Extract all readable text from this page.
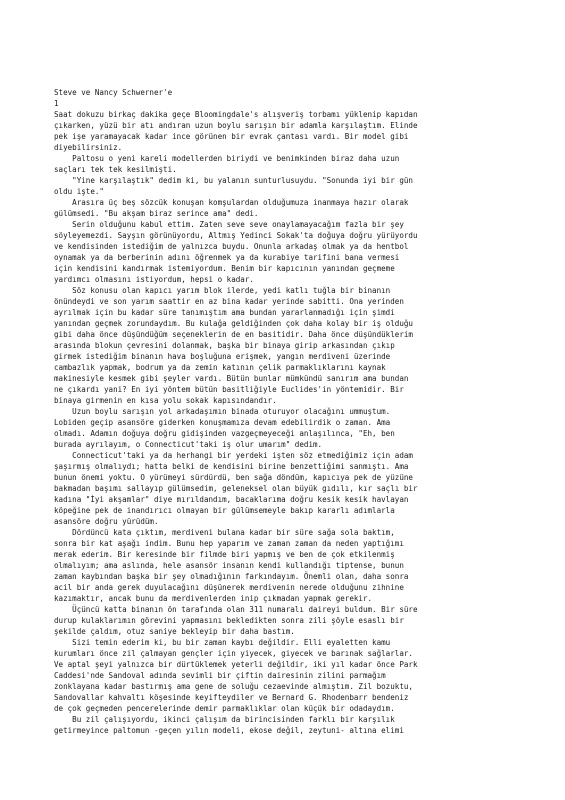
Steve ve Nancy Schwerner'e
1
Saat dokuzu birkaç dakika geçe Bloomingdale's alışveriş torbamı yüklenip kapıdan
çıkarken, yüzü bir atı andıran uzun boylu sarışın bir adamla karşılaştım. Elinde
pek işe yaramayacak kadar ince görünen bir evrak çantası vardı. Bir model gibi
diyebilirsiniz.
Paltosu o yeni kareli modellerden biriydi ve benimkinden biraz daha uzun
saçları tek tek kesilmişti.
"Yine karşılaştık" dedim ki, bu yalanın sunturlusuydu. "Sonunda iyi bir gün
oldu işte."
Arasıra üç beş sözcük konuşan komşulardan olduğumuza inanmaya hazır olarak
gülümsedi. "Bu akşam biraz serince ama" dedi.
Serin olduğunu kabul ettim. Zaten seve seve onaylamayacağım fazla bir şey
söyleyemezdi. Sayşın görünüyordu, Altmış Yedinci Sokak'ta doğuya doğru yürüyordu
ve kendisinden istediğim de yalnızca buydu. Onunla arkadaş olmak ya da hentbol
oynamak ya da berberinin adını öğrenmek ya da kurabiye tarifini bana vermesi
için kendisini kandırmak istemiyordum. Benim bir kapıcının yanından geçmeme
yardımcı olmasını istiyordum, hepsi o kadar.
Söz konusu olan kapıcı yarım blok ilerde, yedi katlı tuğla bir binanın
önündeydi ve son yarım saattir en az bina kadar yerinde sabitti. Ona yerinden
ayrılmak için bu kadar süre tanımıştım ama bundan yararlanmadığı için şimdi
yanından geçmek zorundaydım. Bu kulağa geldiğinden çok daha kolay bir iş olduğu
gibi daha önce düşündüğüm seçeneklerin de en basitidir. Daha önce düşündüklerim
arasında blokun çevresini dolanmak, başka bir binaya girip arkasından çıkıp
girmek istediğim binanın hava boşluğuna erişmek, yangın merdiveni üzerinde
cambazlık yapmak, bodrum ya da zemin katının çelik parmaklıklarını kaynak
makinesiyle kesmek gibi şeyler vardı. Bütün bunlar mümkündü sanırım ama bundan
ne çıkardı yani? En iyi yöntem bütün basitliğiyle Euclides'in yöntemidir. Bir
binaya girmenin en kısa yolu sokak kapısındandır.
Uzun boylu sarışın yol arkadaşımın binada oturuyor olacağını ummuştum.
Lobiden geçip asansöre giderken konuşmamıza devam edebilirdik o zaman. Ama
olmadı. Adamın doğuya doğru gidişinden vazgeçmeyeceği anlaşılınca, "Eh, ben
burada ayrılayım, o Connecticut'taki iş olur umarım" dedim.
Connecticut'taki ya da herhangi bir yerdeki işten söz etmediğimiz için adam
şaşırmış olmalıydı; hatta belki de kendisini birine benzettiğimi sanmıştı. Ama
bunun önemi yoktu. O yürümeyi sürdürdü, ben sağa döndüm, kapıcıya pek de yüzüne
bakmadan başımı sallayıp gülümsedim, geleneksel olan büyük gıdılı, kır saçlı bir
kadına "İyi akşamlar" diye mırıldandım, bacaklarıma doğru kesik kesik havlayan
köpeğine pek de inandırıcı olmayan bir gülümsemeyle bakıp kararlı adımlarla
asansöre doğru yürüdüm.
Dördüncü kata çıktım, merdiveni bulana kadar bir süre sağa sola baktım,
sonra bir kat aşağı indim. Bunu hep yaparım ve zaman zaman da neden yaptığımı
merak ederim. Bir keresinde bir filmde biri yapmış ve ben de çok etkilenmiş
olmalıyım; ama aslında, hele asansör insanın kendi kullandığı tiptense, bunun
zaman kaybından başka bir şey olmadığının farkındayım. Önemli olan, daha sonra
acil bir anda gerek duyulacağını düşünerek merdivenin nerede olduğunu zihnine
kazımaktır, ancak bunu da merdivenlerden inip çıkmadan yapmak gerekir.
Üçüncü katta binanın ön tarafında olan 311 numaralı daireyi buldum. Bir süre
durup kulaklarımın görevini yapmasını bekledikten sonra zili şöyle esaslı bir
şekilde çaldım, otuz saniye bekleyip bir daha bastım.
Sizi temin ederim ki, bu bir zaman kaybı değildir. Elli eyaletten kamu
kurumları önce zil çalmayan gençler için yiyecek, giyecek ve barınak sağlarlar.
Ve aptal şeyi yalnızca bir dürtüklemek yeterli değildir, iki yıl kadar önce Park
Caddesi'nde Sandoval adında sevimli bir çiftin dairesinin zilini parmağım
zonklayana kadar bastırmış ama gene de soluğu cezaevinde almıştım. Zil bozuktu,
Sandovallar kahvaltı köşesinde keyifteydiler ve Bernard G. Rhodenbarr bendeniz
de çok geçmeden pencerelerinde demir parmaklıklar olan küçük bir odadaydım.
Bu zil çalışıyordu, ikinci çalışım da birincisinden farklı bir karşılık
getirmeyince paltomun -geçen yılın modeli, ekose değil, zeytuni- altına elimi
